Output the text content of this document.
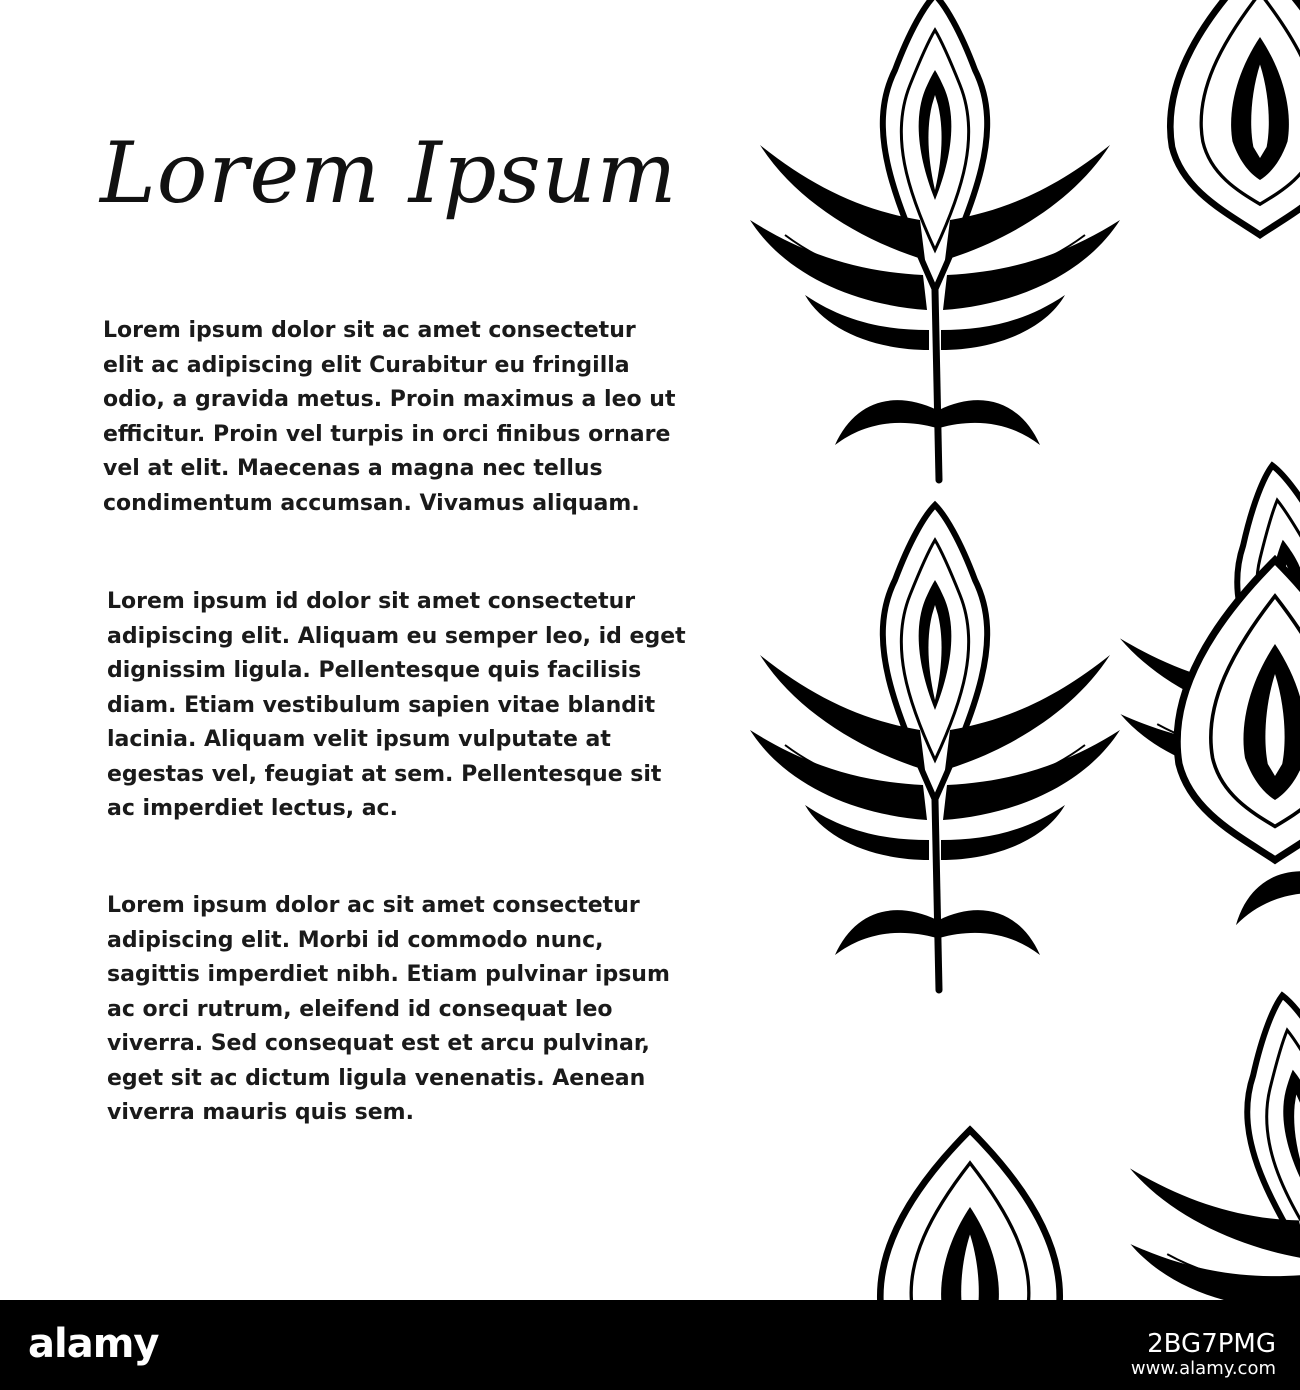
Lorem Ipsum

Lorem ipsum dolor sit ac amet consectetur elit ac adipiscing elit Curabitur eu fringilla odio, a gravida metus. Proin maximus a leo ut efficitur. Proin vel turpis in orci finibus ornare vel at elit. Maecenas a magna nec tellus condimentum accumsan. Vivamus aliquam.

Lorem ipsum id dolor sit amet consectetur adipiscing elit. Aliquam eu semper leo, id eget dignissim ligula. Pellentesque quis facilisis diam. Etiam vestibulum sapien vitae blandit lacinia. Aliquam velit ipsum vulputate at egestas vel, feugiat at sem. Pellentesque sit ac imperdiet lectus, ac.

Lorem ipsum dolor ac sit amet consectetur adipiscing elit. Morbi id commodo nunc, sagittis imperdiet nibh. Etiam pulvinar ipsum ac orci rutrum, eleifend id consequat leo viverra. Sed consequat est et arcu pulvinar, eget sit ac dictum ligula venenatis. Aenean viverra mauris quis sem.

alamy	2BG7PMG
www.alamy.com
